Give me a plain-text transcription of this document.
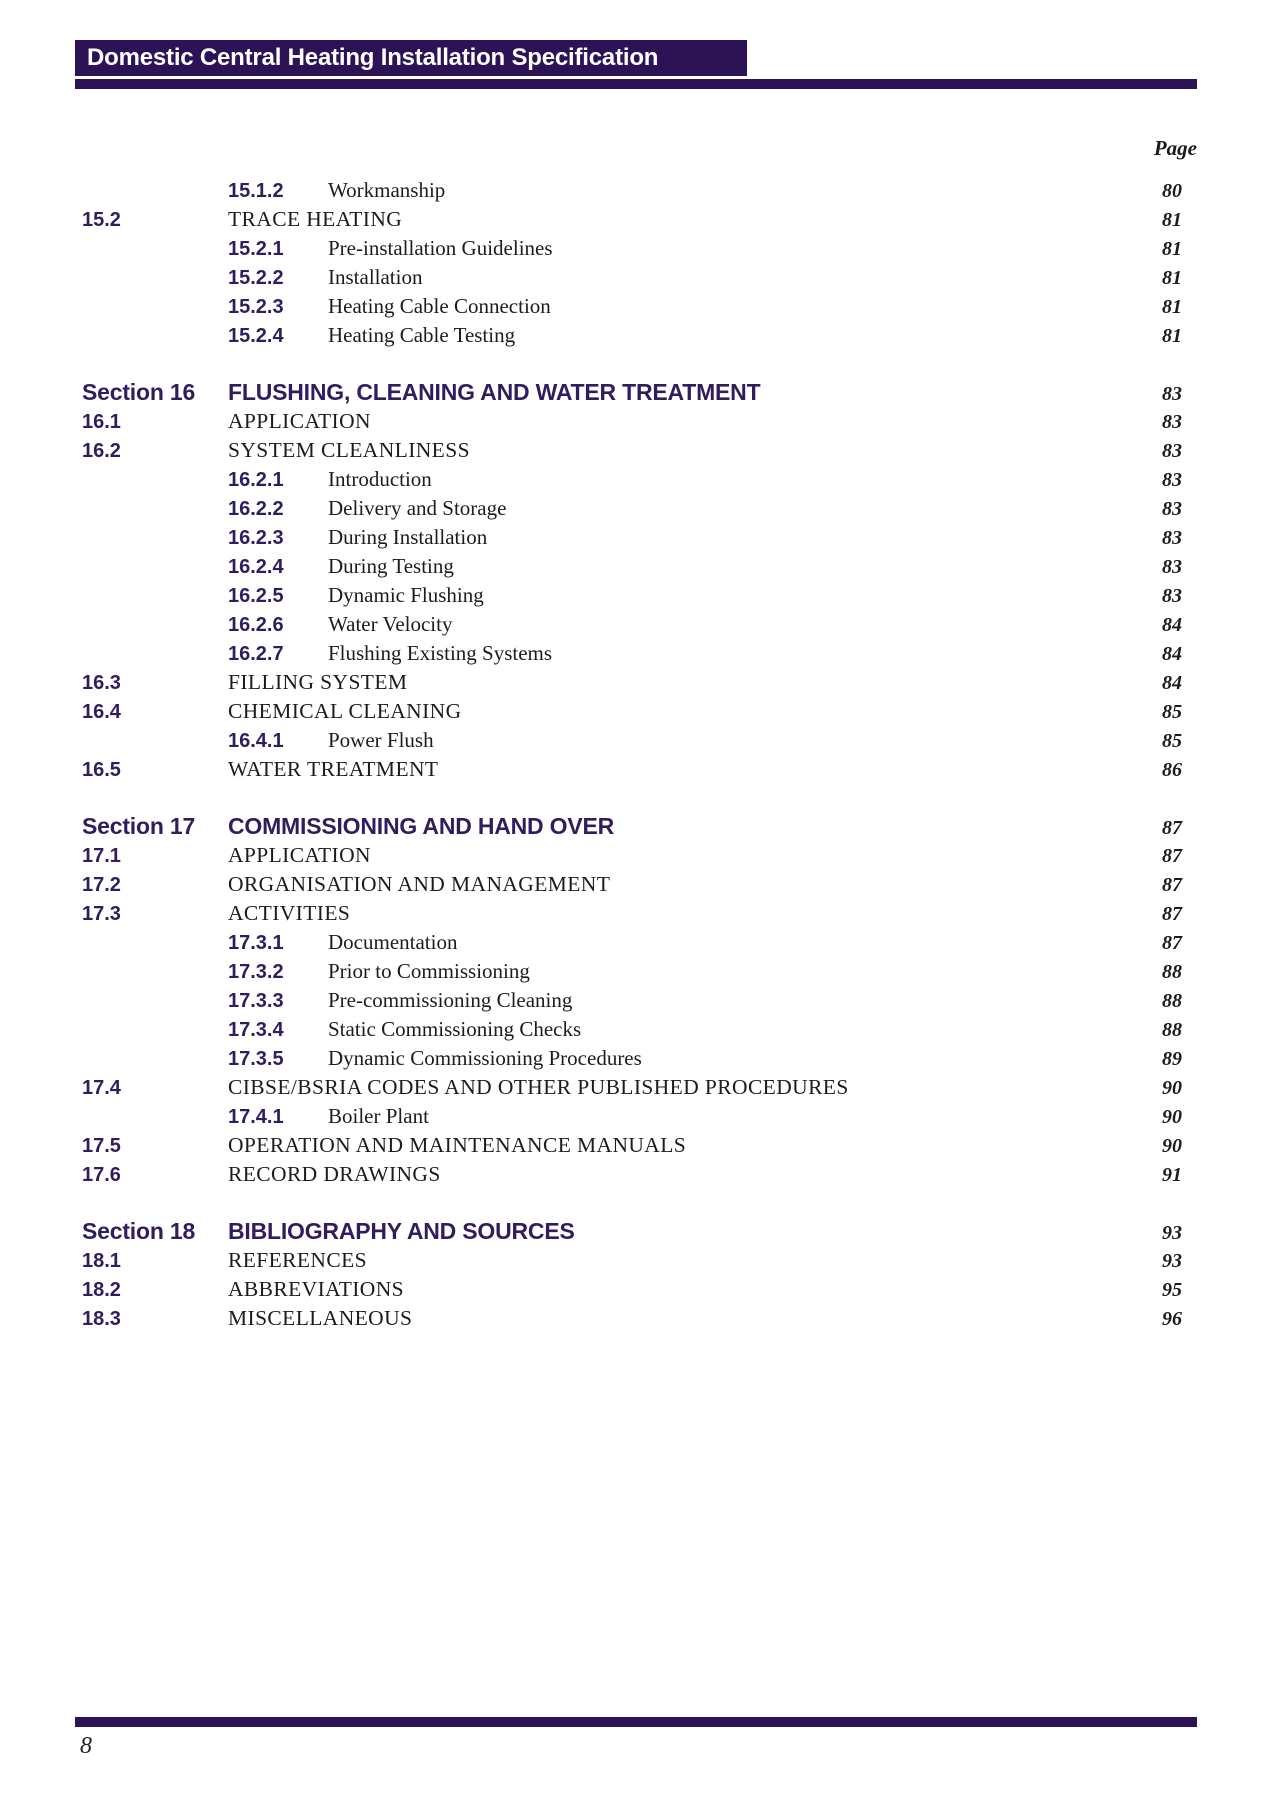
Domestic Central Heating Installation Specification
Page
15.1.2	Workmanship	80
15.2	TRACE HEATING	81
15.2.1	Pre-installation Guidelines	81
15.2.2	Installation	81
15.2.3	Heating Cable Connection	81
15.2.4	Heating Cable Testing	81
Section 16	FLUSHING, CLEANING AND WATER TREATMENT	83
16.1	APPLICATION	83
16.2	SYSTEM CLEANLINESS	83
16.2.1	Introduction	83
16.2.2	Delivery and Storage	83
16.2.3	During Installation	83
16.2.4	During Testing	83
16.2.5	Dynamic Flushing	83
16.2.6	Water Velocity	84
16.2.7	Flushing Existing Systems	84
16.3	FILLING SYSTEM	84
16.4	CHEMICAL CLEANING	85
16.4.1	Power Flush	85
16.5	WATER TREATMENT	86
Section 17	COMMISSIONING AND HAND OVER	87
17.1	APPLICATION	87
17.2	ORGANISATION AND MANAGEMENT	87
17.3	ACTIVITIES	87
17.3.1	Documentation	87
17.3.2	Prior to Commissioning	88
17.3.3	Pre-commissioning Cleaning	88
17.3.4	Static Commissioning Checks	88
17.3.5	Dynamic Commissioning Procedures	89
17.4	CIBSE/BSRIA CODES AND OTHER PUBLISHED PROCEDURES	90
17.4.1	Boiler Plant	90
17.5	OPERATION AND MAINTENANCE MANUALS	90
17.6	RECORD DRAWINGS	91
Section 18	BIBLIOGRAPHY AND SOURCES	93
18.1	REFERENCES	93
18.2	ABBREVIATIONS	95
18.3	MISCELLANEOUS	96
8
